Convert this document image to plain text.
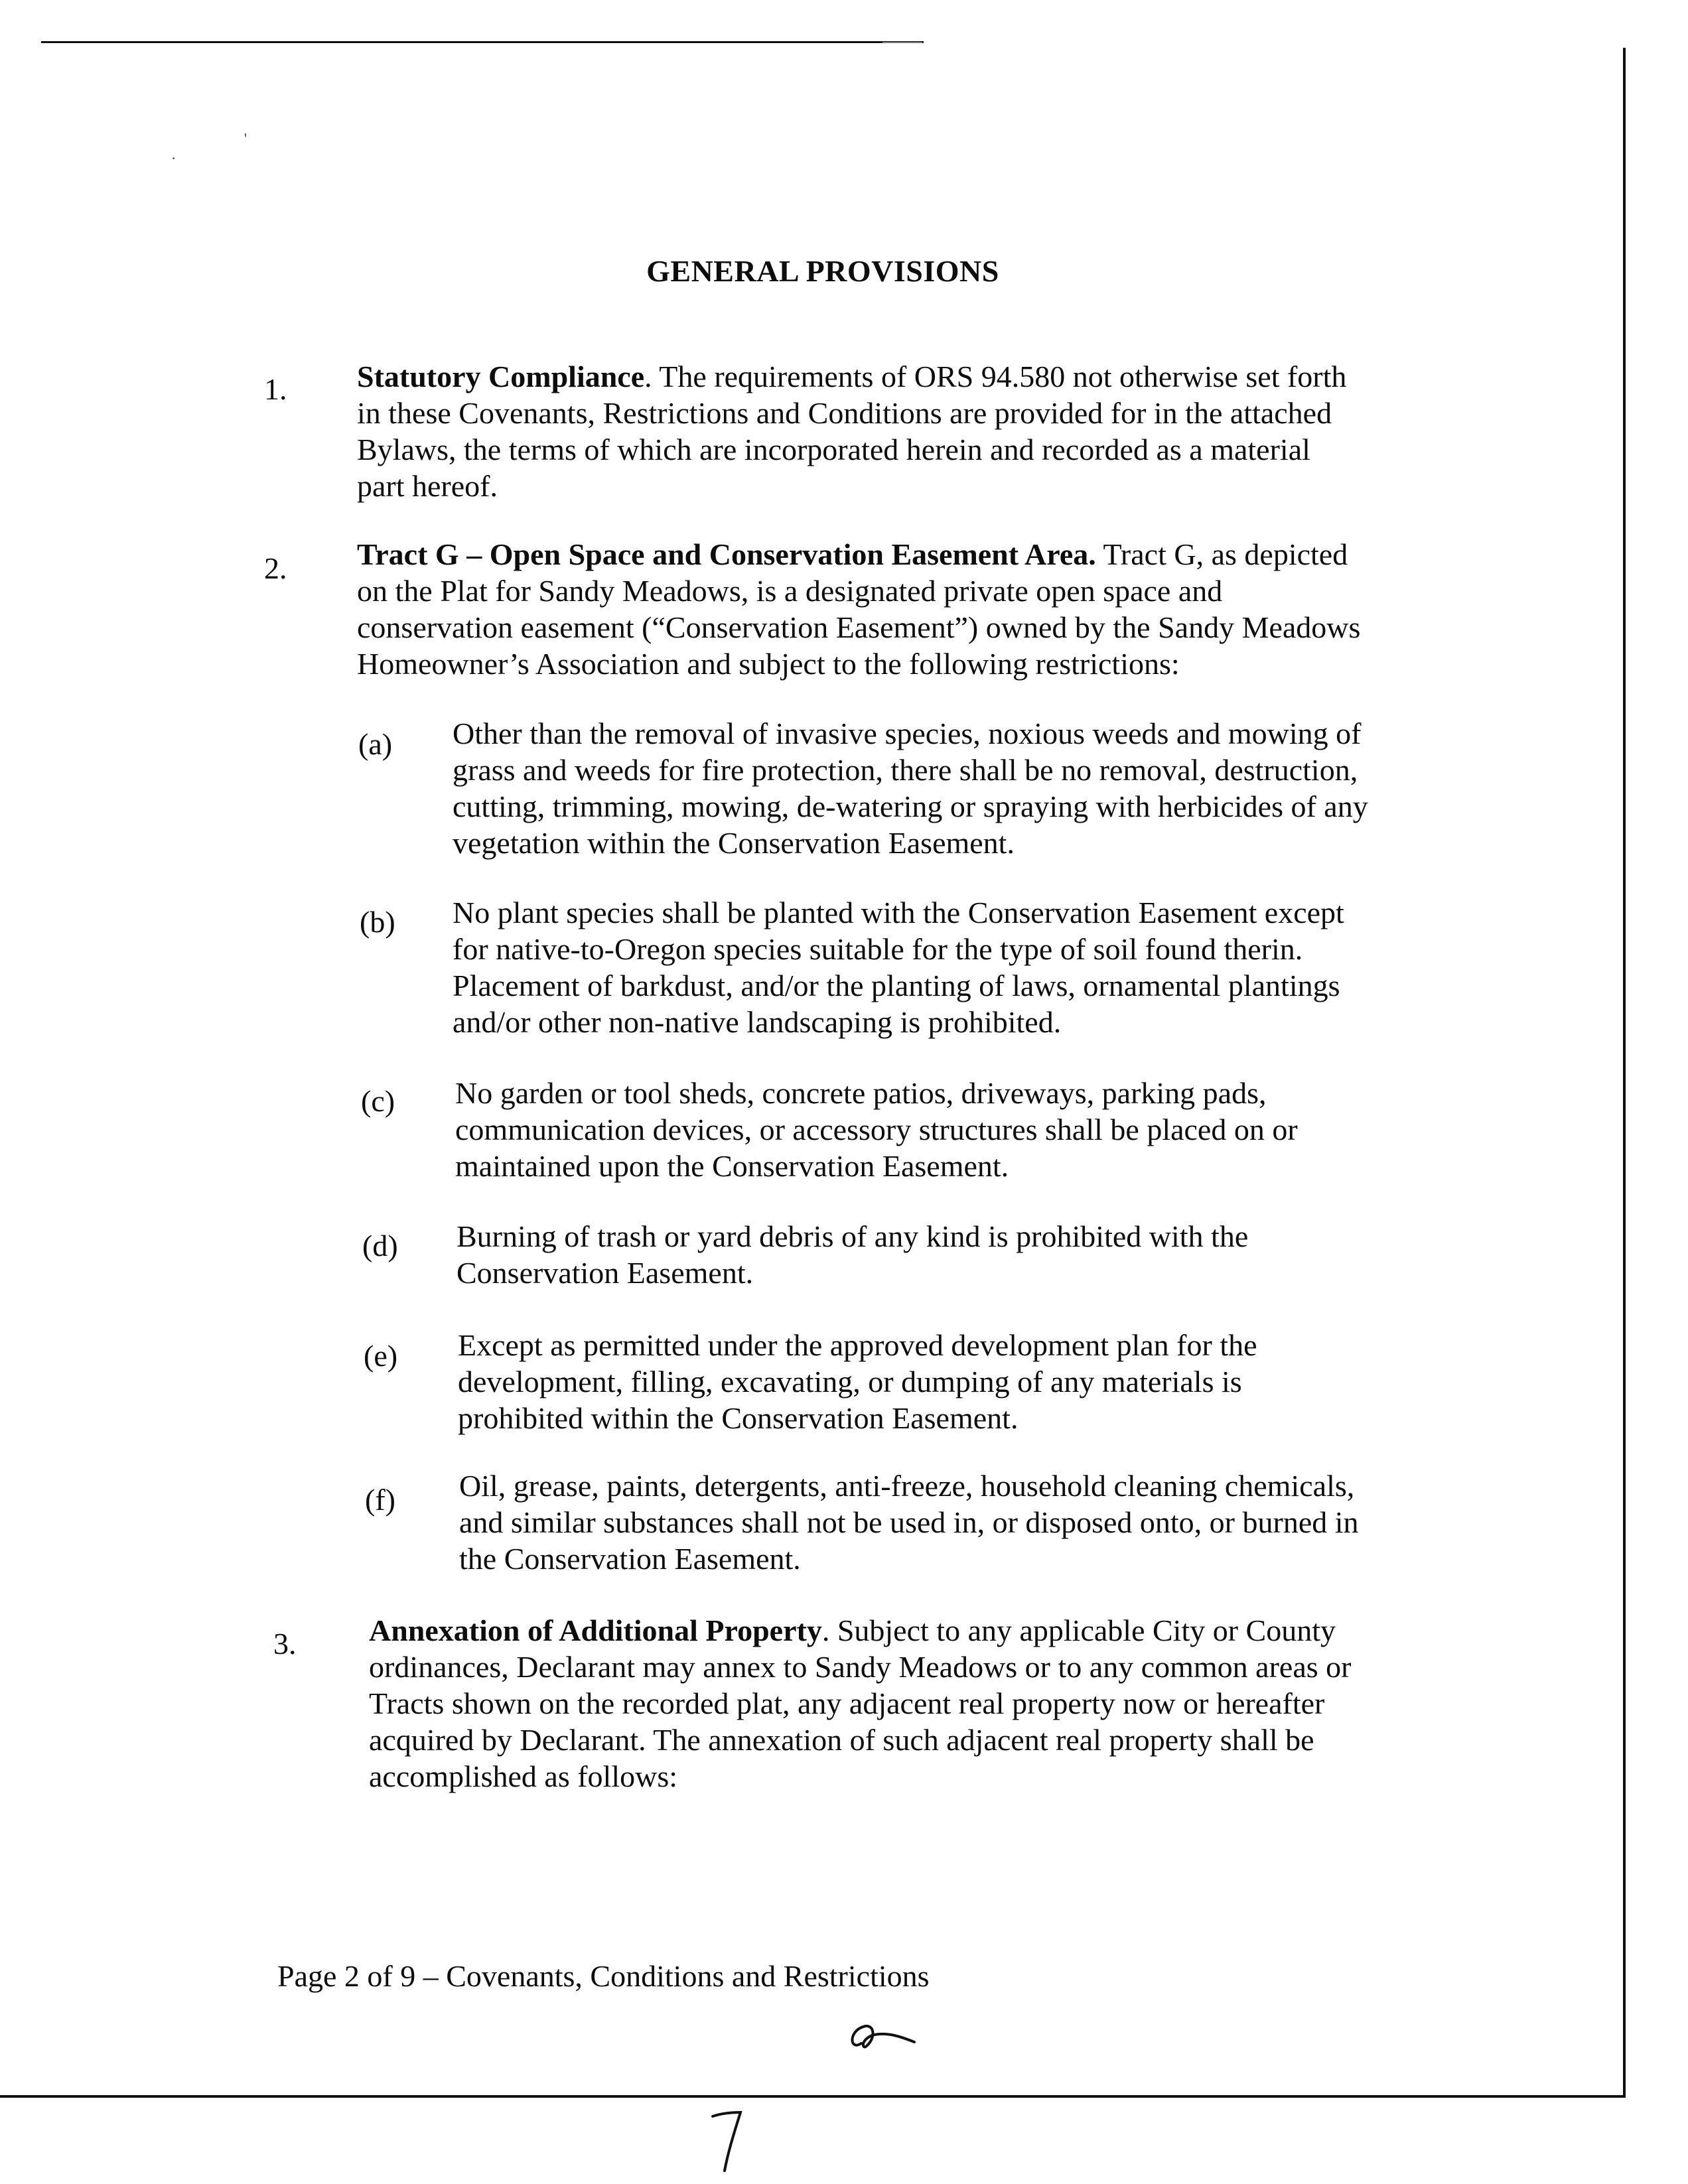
'
·
GENERAL PROVISIONS
1. Statutory Compliance. The requirements of ORS 94.580 not otherwise set forth
in these Covenants, Restrictions and Conditions are provided for in the attached
Bylaws, the terms of which are incorporated herein and recorded as a material
part hereof.
2. Tract G – Open Space and Conservation Easement Area. Tract G, as depicted
on the Plat for Sandy Meadows, is a designated private open space and
conservation easement (“Conservation Easement”) owned by the Sandy Meadows
Homeowner’s Association and subject to the following restrictions:
(a) Other than the removal of invasive species, noxious weeds and mowing of
grass and weeds for fire protection, there shall be no removal, destruction,
cutting, trimming, mowing, de-watering or spraying with herbicides of any
vegetation within the Conservation Easement.
(b) No plant species shall be planted with the Conservation Easement except
for native-to-Oregon species suitable for the type of soil found therin.
Placement of barkdust, and/or the planting of laws, ornamental plantings
and/or other non-native landscaping is prohibited.
(c) No garden or tool sheds, concrete patios, driveways, parking pads,
communication devices, or accessory structures shall be placed on or
maintained upon the Conservation Easement.
(d) Burning of trash or yard debris of any kind is prohibited with the
Conservation Easement.
(e) Except as permitted under the approved development plan for the
development, filling, excavating, or dumping of any materials is
prohibited within the Conservation Easement.
(f) Oil, grease, paints, detergents, anti-freeze, household cleaning chemicals,
and similar substances shall not be used in, or disposed onto, or burned in
the Conservation Easement.
3. Annexation of Additional Property. Subject to any applicable City or County
ordinances, Declarant may annex to Sandy Meadows or to any common areas or
Tracts shown on the recorded plat, any adjacent real property now or hereafter
acquired by Declarant. The annexation of such adjacent real property shall be
accomplished as follows:
Page 2 of 9 – Covenants, Conditions and Restrictions
